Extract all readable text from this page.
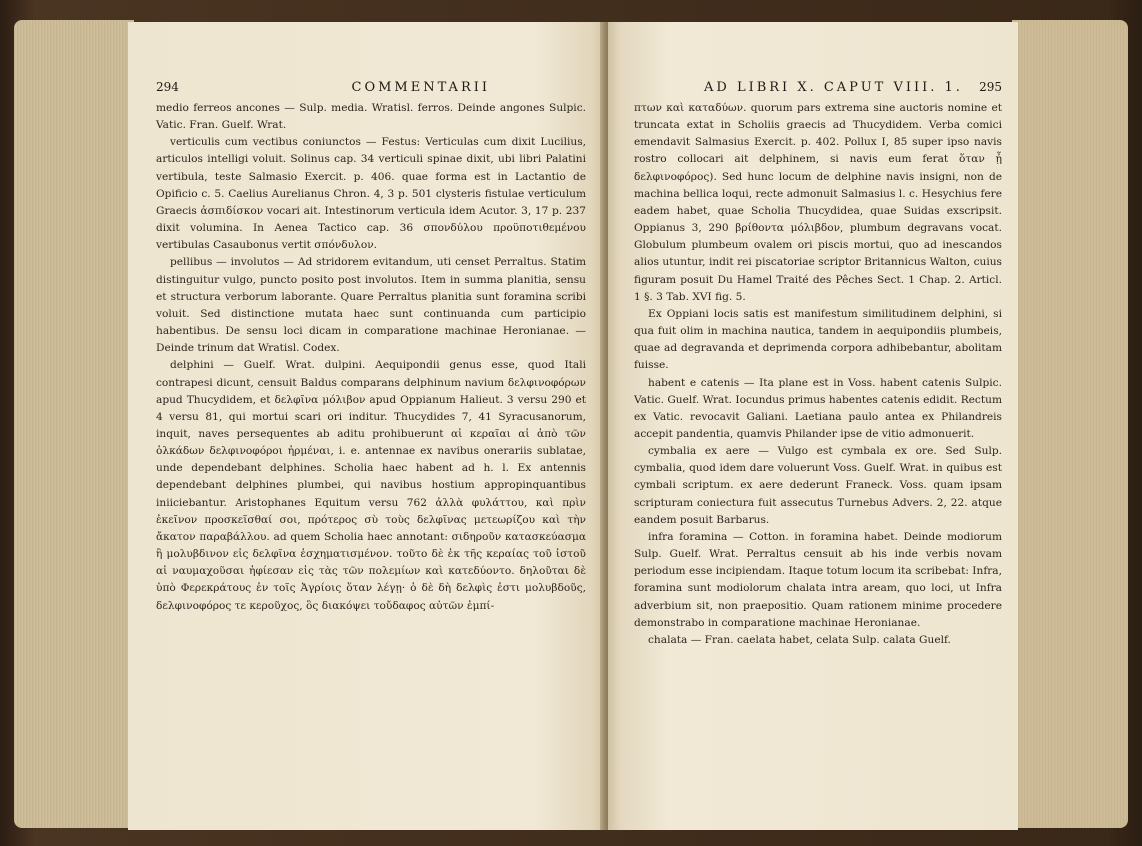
294	COMMENTARII

medio ferreos ancones — Sulp. media. Wratisl. ferros. Deinde angones Sulpic. Vatic. Fran. Guelf. Wrat.

verticulis cum vectibus coniunctos — Festus: Verticulas cum dixit Lucilius, articulos intelligi voluit. Solinus cap. 34 verticuli spinae dixit, ubi libri Palatini vertibula, teste Salmasio Exercit. p. 406. quae forma est in Lactantio de Opificio c. 5. Caelius Aurelianus Chron. 4, 3 p. 501 clysteris fistulae verticulum Graecis ἀσπιδίσκον vocari ait. Intestinorum verticula idem Acutor. 3, 17 p. 237 dixit volumina. In Aenea Tactico cap. 36 σπονδύλου προϋποτιθεμένου vertibulas Casaubonus vertit σπόνδυλον.

pellibus — involutos — Ad stridorem evitandum, uti censet Perraltus. Statim distinguitur vulgo, puncto posito post involutos. Item in summa planitia, sensu et structura verborum laborante. Quare Perraltus planitia sunt foramina scribi voluit. Sed distinctione mutata haec sunt continuanda cum participio habentibus. De sensu loci dicam in comparatione machinae Heronianae. — Deinde trinum dat Wratisl. Codex.

delphini — Guelf. Wrat. dulpini. Aequipondii genus esse, quod Itali contrapesi dicunt, censuit Baldus comparans delphinum navium δελφινοφόρων apud Thucydidem, et δελφῖνα μόλιβον apud Oppianum Halieut. 3 versu 290 et 4 versu 81, qui mortui scari ori inditur. Thucydides 7, 41 Syracusanorum, inquit, naves persequentes ab aditu prohibuerunt αἱ κεραῖαι αἱ ἀπὸ τῶν ὁλκάδων δελφινοφόροι ἠρμέναι, i. e. antennae ex navibus onerariis sublatae, unde dependebant delphines. Scholia haec habent ad h. l. Ex antennis dependebant delphines plumbei, qui navibus hostium appropinquantibus iniiciebantur. Aristophanes Equitum versu 762 ἀλλὰ φυλάττου, καὶ πρὶν ἐκεῖνον προσκεῖσθαί σοι, πρότερος σὺ τοὺς δελφῖνας μετεωρίζου καὶ τὴν ἄκατον παραβάλλου. ad quem Scholia haec annotant: σιδηροῦν κατασκεύασμα ἢ μολυβδινον εἰς δελφῖνα ἐσχηματισμένον. τοῦτο δὲ ἐκ τῆς κεραίας τοῦ ἱστοῦ αἱ ναυμαχοῦσαι ἠφίεσαν εἰς τὰς τῶν πολεμίων καὶ κατεδύοντο. δηλοῦται δὲ ὑπὸ Φερεκράτους ἐν τοῖς Ἀγρίοις ὅταν λέγῃ· ὁ δὲ δὴ δελφὶς ἐστι μολυβδοῦς, δελφινοφόρος τε κεροῦχος, ὃς διακόψει τοὔδαφος αὐτῶν ἐμπί-

AD LIBRI X. CAPUT VIII. 1. 295

πτων καὶ καταδύων. quorum pars extrema sine auctoris nomine et truncata extat in Scholiis graecis ad Thucydidem. Verba comici emendavit Salmasius Exercit. p. 402. Pollux I, 85 super ipso navis rostro collocari ait delphinem, si navis eum ferat ὅταν ᾖ δελφινοφόρος). Sed hunc locum de delphine navis insigni, non de machina bellica loqui, recte admonuit Salmasius l. c. Hesychius fere eadem habet, quae Scholia Thucydidea, quae Suidas exscripsit. Oppianus 3, 290 βρίθοντα μόλιβδον, plumbum degravans vocat. Globulum plumbeum ovalem ori piscis mortui, quo ad inescandos alios utuntur, indit rei piscatoriae scriptor Britannicus Walton, cuius figuram posuit Du Hamel Traité des Pêches Sect. 1 Chap. 2. Articl. 1 §. 3 Tab. XVI fig. 5.

Ex Oppiani locis satis est manifestum similitudinem delphini, si qua fuit olim in machina nautica, tandem in aequipondiis plumbeis, quae ad degravanda et deprimenda corpora adhibebantur, abolitam fuisse.

habent e catenis — Ita plane est in Voss. habent catenis Sulpic. Vatic. Guelf. Wrat. Iocundus primus habentes catenis edidit. Rectum ex Vatic. revocavit Galiani. Laetiana paulo antea ex Philandreis accepit pandentia, quamvis Philander ipse de vitio admonuerit.

cymbalia ex aere — Vulgo est cymbala ex ore. Sed Sulp. cymbalia, quod idem dare voluerunt Voss. Guelf. Wrat. in quibus est cymbali scriptum. ex aere dederunt Franeck. Voss. quam ipsam scripturam coniectura fuit assecutus Turnebus Advers. 2, 22. atque eandem posuit Barbarus.

infra foramina — Cotton. in foramina habet. Deinde modiorum Sulp. Guelf. Wrat. Perraltus censuit ab his inde verbis novam periodum esse incipiendam. Itaque totum locum ita scribebat: Infra, foramina sunt modiolorum chalata intra aream, quo loci, ut Infra adverbium sit, non praepositio. Quam rationem minime procedere demonstrabo in comparatione machinae Heronianae.

chalata — Fran. caelata habet, celata Sulp. calata Guelf.
